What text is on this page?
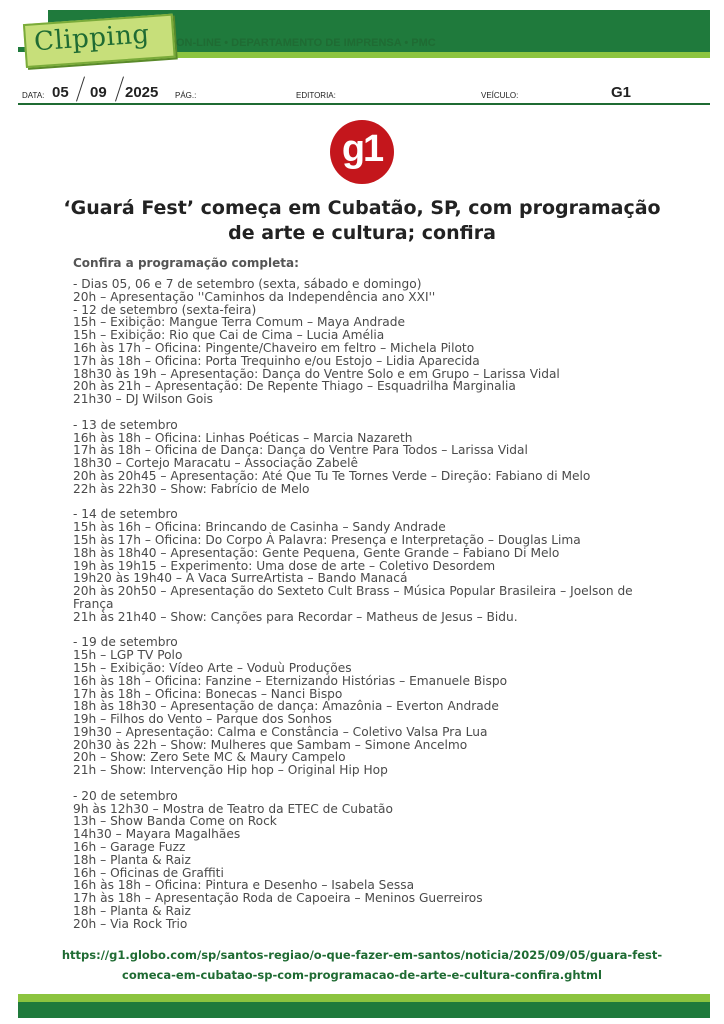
Clipping ON-LINE • DEPARTAMENTO DE IMPRENSA • PMC
DATA: 05 09 2025 PÁG.:	EDITORIA:	VEÍCULO:	G1
g1
‘Guará Fest’ começa em Cubatão, SP, com programação de arte e cultura; confira
Confira a programação completa:
- Dias 05, 06 e 7 de setembro (sexta, sábado e domingo)
20h – Apresentação ''Caminhos da Independência ano XXI''
- 12 de setembro (sexta-feira)
15h – Exibição: Mangue Terra Comum – Maya Andrade
15h – Exibição: Rio que Cai de Cima – Lucia Amélia
16h às 17h – Oficina: Pingente/Chaveiro em feltro – Michela Piloto
17h às 18h – Oficina: Porta Trequinho e/ou Estojo – Lidia Aparecida
18h30 às 19h – Apresentação: Dança do Ventre Solo e em Grupo – Larissa Vidal
20h às 21h – Apresentação: De Repente Thiago – Esquadrilha Marginalia
21h30 – DJ Wilson Gois
- 13 de setembro
16h às 18h – Oficina: Linhas Poéticas – Marcia Nazareth
17h às 18h – Oficina de Dança: Dança do Ventre Para Todos – Larissa Vidal
18h30 – Cortejo Maracatu – Associação Zabelê
20h às 20h45 – Apresentação: Até Que Tu Te Tornes Verde – Direção: Fabiano di Melo
22h às 22h30 – Show: Fabrício de Melo
- 14 de setembro
15h às 16h – Oficina: Brincando de Casinha – Sandy Andrade
15h às 17h – Oficina: Do Corpo À Palavra: Presença e Interpretação – Douglas Lima
18h às 18h40 – Apresentação: Gente Pequena, Gente Grande – Fabiano Di Melo
19h às 19h15 – Experimento: Uma dose de arte – Coletivo Desordem
19h20 às 19h40 – A Vaca SurreArtista – Bando Manacá
20h às 20h50 – Apresentação do Sexteto Cult Brass – Música Popular Brasileira – Joelson de França
21h às 21h40 – Show: Canções para Recordar – Matheus de Jesus – Bidu.
- 19 de setembro
15h – LGP TV Polo
15h – Exibição: Vídeo Arte – Voduù Produções
16h às 18h – Oficina: Fanzine – Eternizando Histórias – Emanuele Bispo
17h às 18h – Oficina: Bonecas – Nanci Bispo
18h às 18h30 – Apresentação de dança: Amazônia – Everton Andrade
19h – Filhos do Vento – Parque dos Sonhos
19h30 – Apresentação: Calma e Constância – Coletivo Valsa Pra Lua
20h30 às 22h – Show: Mulheres que Sambam – Simone Ancelmo
20h – Show: Zero Sete MC & Maury Campelo
21h – Show: Intervenção Hip hop – Original Hip Hop
- 20 de setembro
9h às 12h30 – Mostra de Teatro da ETEC de Cubatão
13h – Show Banda Come on Rock
14h30 – Mayara Magalhães
16h – Garage Fuzz
18h – Planta & Raiz
16h – Oficinas de Graffiti
16h às 18h – Oficina: Pintura e Desenho – Isabela Sessa
17h às 18h – Apresentação Roda de Capoeira – Meninos Guerreiros
18h – Planta & Raiz
20h – Via Rock Trio
https://g1.globo.com/sp/santos-regiao/o-que-fazer-em-santos/noticia/2025/09/05/guara-fest-
comeca-em-cubatao-sp-com-programacao-de-arte-e-cultura-confira.ghtml
